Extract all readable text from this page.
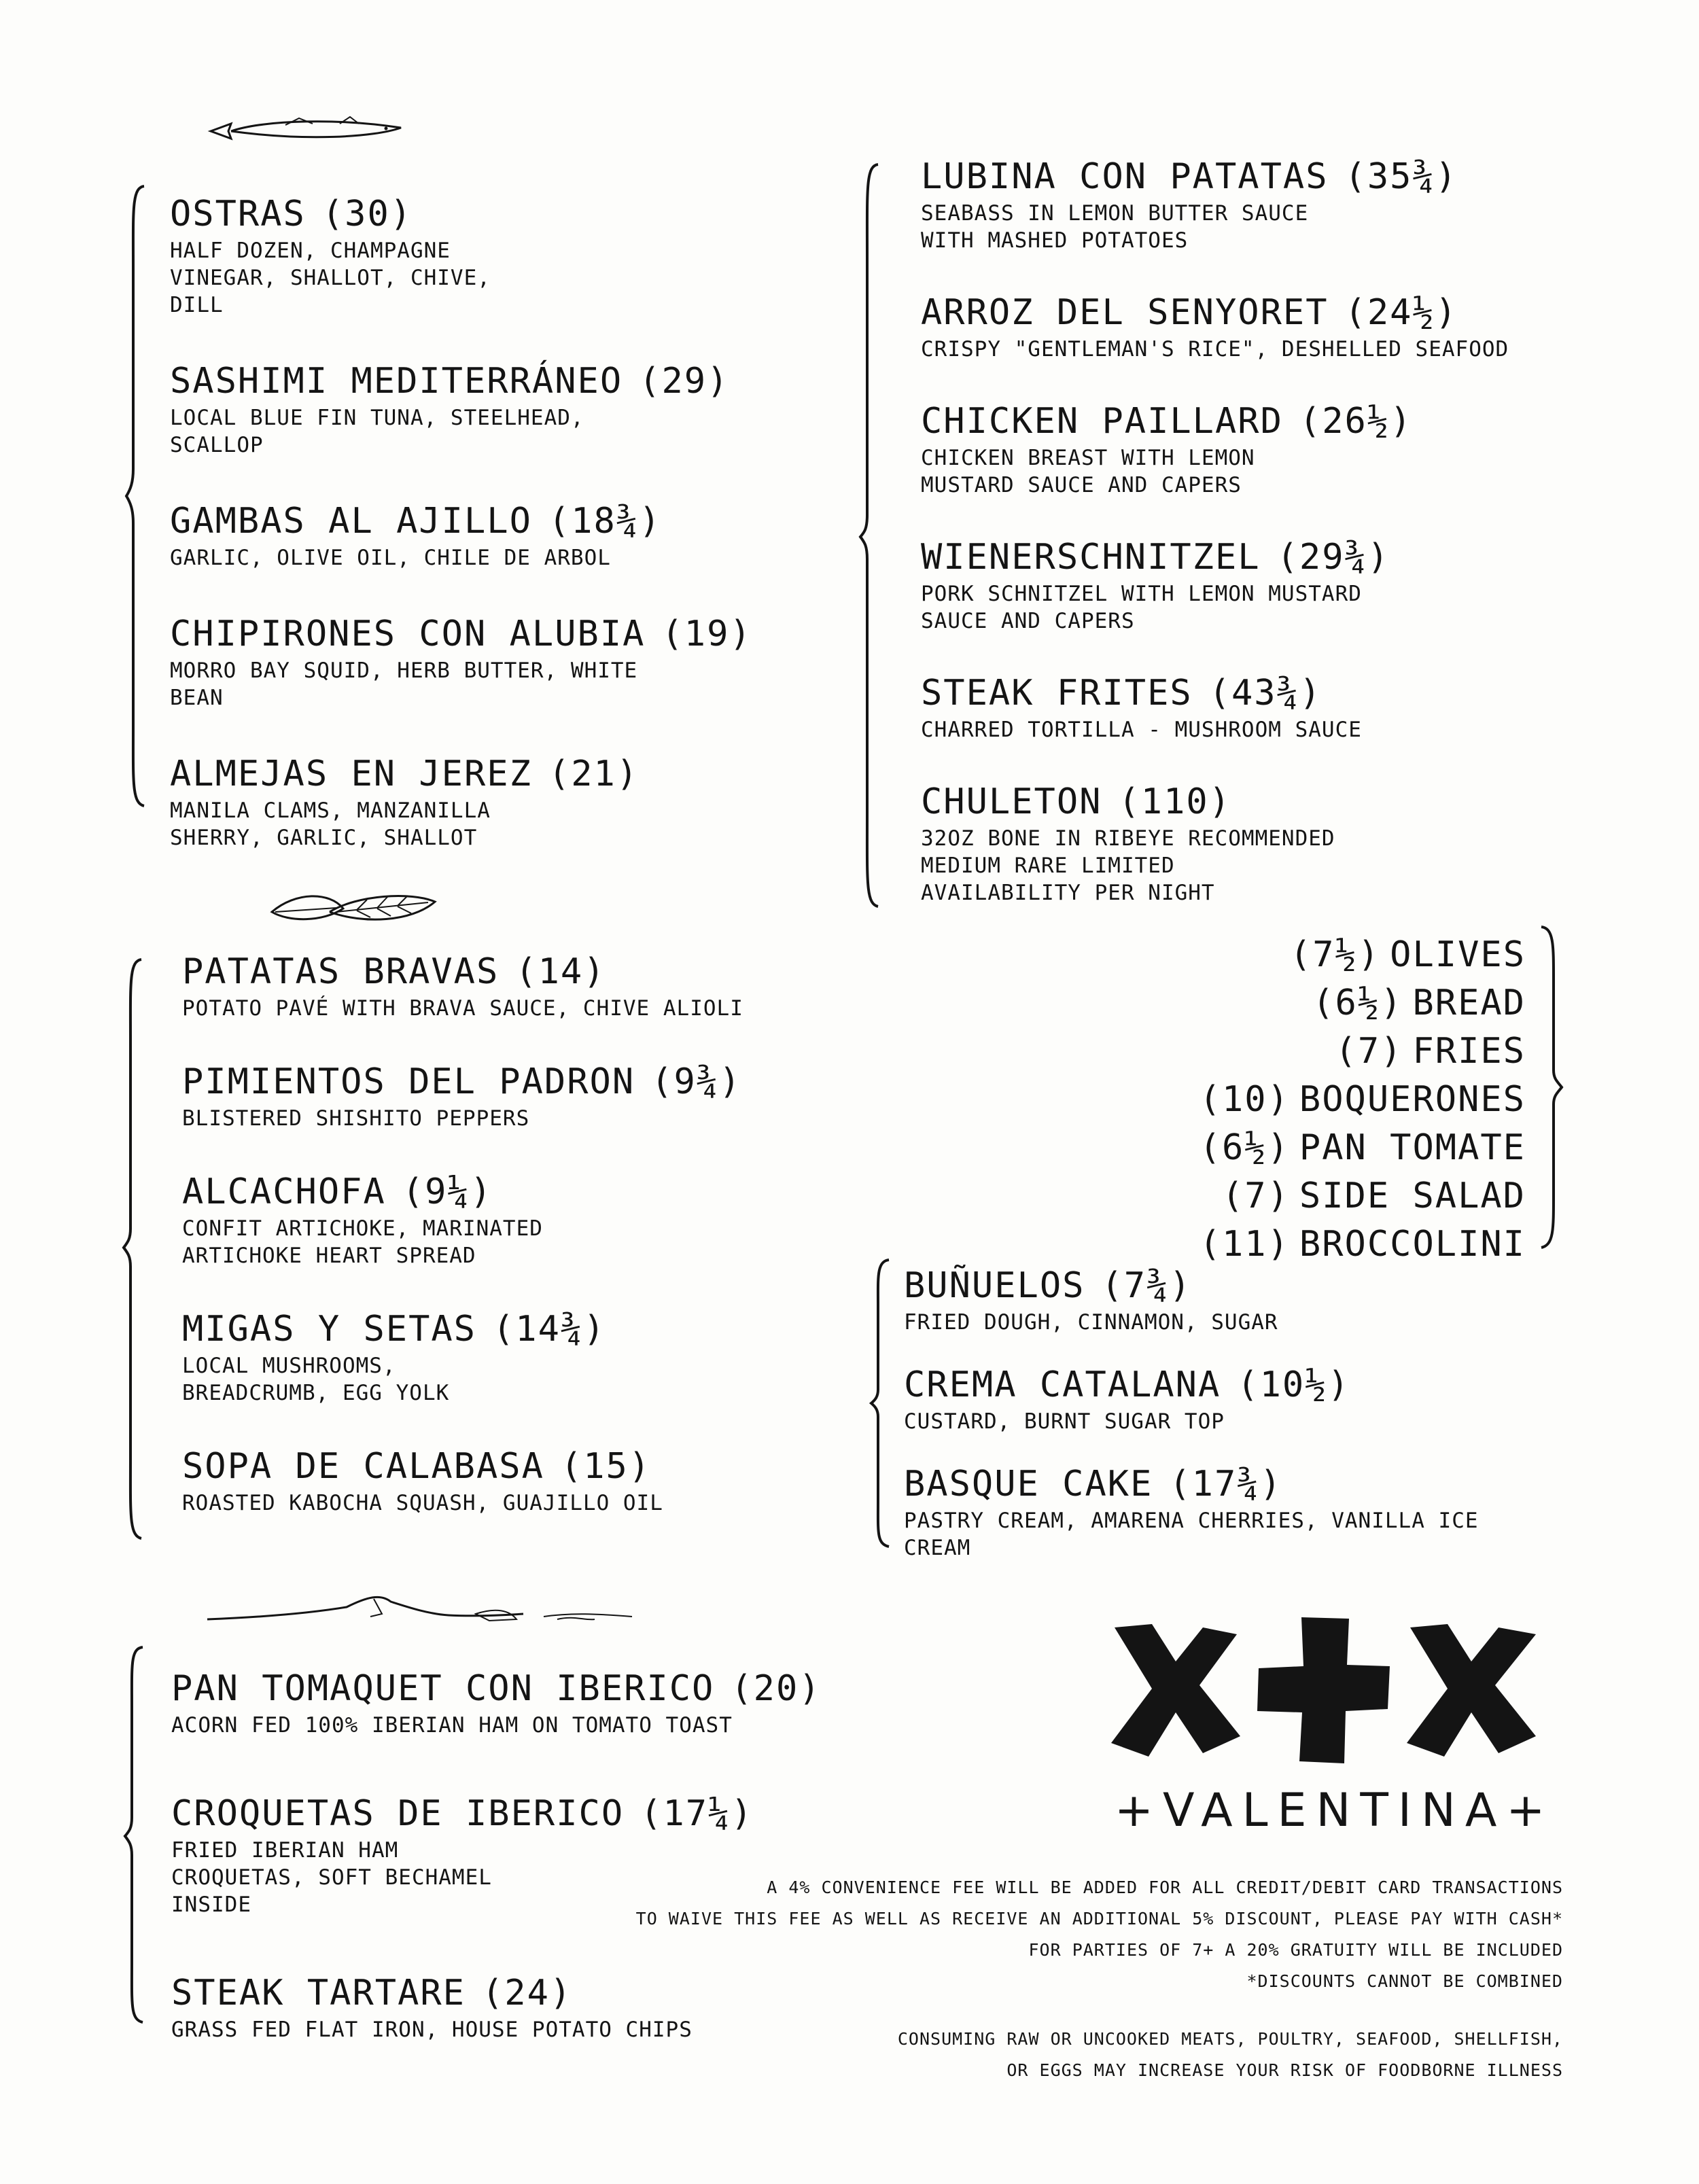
OSTRAS (30)
HALF DOZEN, CHAMPAGNE VINEGAR, SHALLOT, CHIVE, DILL
SASHIMI MEDITERRÁNEO (29)
LOCAL BLUE FIN TUNA, STEELHEAD, SCALLOP
GAMBAS AL AJILLO (18¾)
GARLIC, OLIVE OIL, CHILE DE ARBOL
CHIPIRONES CON ALUBIA (19)
MORRO BAY SQUID, HERB BUTTER, WHITE BEAN
ALMEJAS EN JEREZ (21)
MANILA CLAMS, MANZANILLA SHERRY, GARLIC, SHALLOT
LUBINA CON PATATAS (35¾)
SEABASS IN LEMON BUTTER SAUCE WITH MASHED POTATOES
ARROZ DEL SENYORET (24½)
CRISPY "GENTLEMAN'S RICE", DESHELLED SEAFOOD
CHICKEN PAILLARD (26½)
CHICKEN BREAST WITH LEMON MUSTARD SAUCE AND CAPERS
WIENERSCHNITZEL (29¾)
PORK SCHNITZEL WITH LEMON MUSTARD SAUCE AND CAPERS
STEAK FRITES (43¾)
CHARRED TORTILLA - MUSHROOM SAUCE
CHULETON (110)
32OZ BONE IN RIBEYE RECOMMENDED MEDIUM RARE LIMITED AVAILABILITY PER NIGHT
PATATAS BRAVAS (14)
POTATO PAVÉ WITH BRAVA SAUCE, CHIVE ALIOLI
PIMIENTOS DEL PADRON (9¾)
BLISTERED SHISHITO PEPPERS
ALCACHOFA (9¼)
CONFIT ARTICHOKE, MARINATED ARTICHOKE HEART SPREAD
MIGAS Y SETAS (14¾)
LOCAL MUSHROOMS, BREADCRUMB, EGG YOLK
SOPA DE CALABASA (15)
ROASTED KABOCHA SQUASH, GUAJILLO OIL
PAN TOMAQUET CON IBERICO (20)
ACORN FED 100% IBERIAN HAM ON TOMATO TOAST
CROQUETAS DE IBERICO (17¼)
FRIED IBERIAN HAM CROQUETAS, SOFT BECHAMEL INSIDE
STEAK TARTARE (24)
GRASS FED FLAT IRON, HOUSE POTATO CHIPS
(7½) OLIVES
(6½) BREAD
(7) FRIES
(10) BOQUERONES
(6½) PAN TOMATE
(7) SIDE SALAD
(11) BROCCOLINI
BUÑUELOS (7¾)
FRIED DOUGH, CINNAMON, SUGAR
CREMA CATALANA (10½)
CUSTARD, BURNT SUGAR TOP
BASQUE CAKE (17¾)
PASTRY CREAM, AMARENA CHERRIES, VANILLA ICE CREAM
+VALENTINA+
A 4% CONVENIENCE FEE WILL BE ADDED FOR ALL CREDIT/DEBIT CARD TRANSACTIONS
TO WAIVE THIS FEE AS WELL AS RECEIVE AN ADDITIONAL 5% DISCOUNT, PLEASE PAY WITH CASH*
FOR PARTIES OF 7+ A 20% GRATUITY WILL BE INCLUDED
*DISCOUNTS CANNOT BE COMBINED
CONSUMING RAW OR UNCOOKED MEATS, POULTRY, SEAFOOD, SHELLFISH,
OR EGGS MAY INCREASE YOUR RISK OF FOODBORNE ILLNESS
